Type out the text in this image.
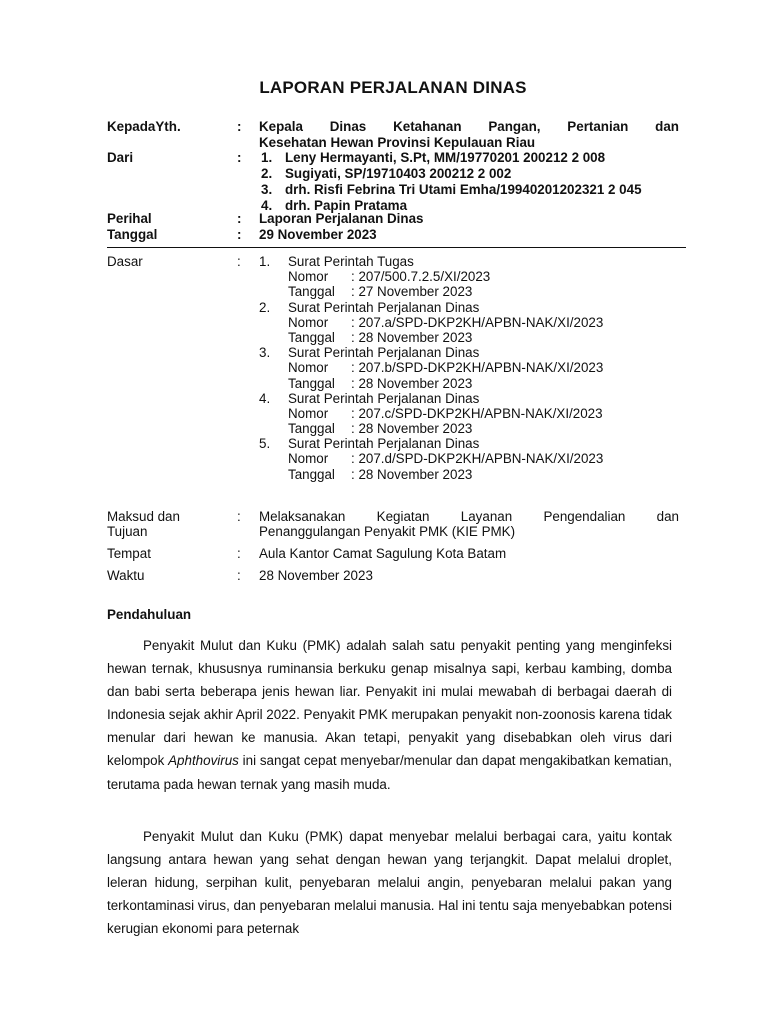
LAPORAN PERJALANAN DINAS
KepadaYth.	: Kepala Dinas Ketahanan Pangan, Pertanian dan
Kesehatan Hewan Provinsi Kepulauan Riau
Dari	: 1. Leny Hermayanti, S.Pt, MM/19770201 200212 2 008
2. Sugiyati, SP/19710403 200212 2 002
3. drh. Risfi Febrina Tri Utami Emha/19940201202321 2 045
4. drh. Papin Pratama
Perihal	: Laporan Perjalanan Dinas
Tanggal	: 29 November 2023
Dasar	: 1.	Surat Perintah Tugas
Nomor : 207/500.7.2.5/XI/2023
Tanggal : 27 November 2023
2.	Surat Perintah Perjalanan Dinas
Nomor : 207.a/SPD-DKP2KH/APBN-NAK/XI/2023
Tanggal : 28 November 2023
3.	Surat Perintah Perjalanan Dinas
Nomor : 207.b/SPD-DKP2KH/APBN-NAK/XI/2023
Tanggal : 28 November 2023
4.	Surat Perintah Perjalanan Dinas
Nomor : 207.c/SPD-DKP2KH/APBN-NAK/XI/2023
Tanggal : 28 November 2023
5.	Surat Perintah Perjalanan Dinas
Nomor : 207.d/SPD-DKP2KH/APBN-NAK/XI/2023
Tanggal : 28 November 2023
Maksud dan
Tujuan
: Melaksanakan Kegiatan Layanan Pengendalian dan
Penanggulangan Penyakit PMK (KIE PMK)
Tempat	: Aula Kantor Camat Sagulung Kota Batam
Waktu	: 28 November 2023
Pendahuluan

Penyakit Mulut dan Kuku (PMK) adalah salah satu penyakit penting yang menginfeksi hewan ternak, khususnya ruminansia berkuku genap misalnya sapi, kerbau kambing, domba dan babi serta beberapa jenis hewan liar. Penyakit ini mulai mewabah di berbagai daerah di Indonesia sejak akhir April 2022. Penyakit PMK merupakan penyakit non-zoonosis karena tidak menular dari hewan ke manusia. Akan tetapi, penyakit yang disebabkan oleh virus dari kelompok Aphthovirus ini sangat cepat menyebar/menular dan dapat mengakibatkan kematian, terutama pada hewan ternak yang masih muda.

Penyakit Mulut dan Kuku (PMK) dapat menyebar melalui berbagai cara, yaitu kontak langsung antara hewan yang sehat dengan hewan yang terjangkit. Dapat melalui droplet, leleran hidung, serpihan kulit, penyebaran melalui angin, penyebaran melalui pakan yang terkontaminasi virus, dan penyebaran melalui manusia. Hal ini tentu saja menyebabkan potensi kerugian ekonomi para peternak
